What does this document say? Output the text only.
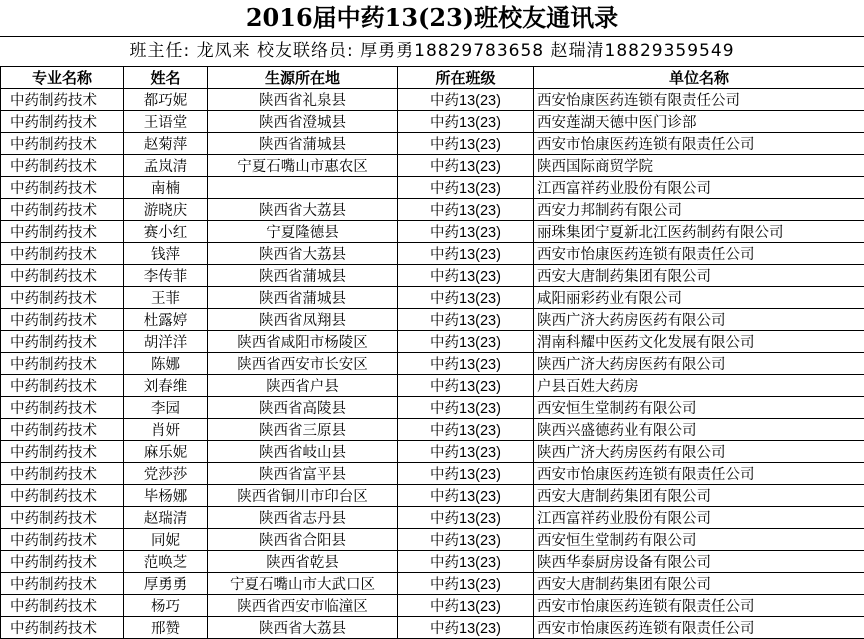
2016届中药13(23)班校友通讯录
班主任: 龙凤来 校友联络员: 厚勇勇18829783658 赵瑞清18829359549
专业名称	姓名	生源所在地	所在班级	单位名称
中药制药技术	都巧妮	陕西省礼泉县	中药13(23)	西安怡康医药连锁有限责任公司
中药制药技术	王语堂	陕西省澄城县	中药13(23)	西安莲湖天德中医门诊部
中药制药技术	赵菊萍	陕西省蒲城县	中药13(23)	西安市怡康医药连锁有限责任公司
中药制药技术	孟岚清	宁夏石嘴山市惠农区	中药13(23)	陕西国际商贸学院
中药制药技术	南楠		中药13(23)	江西富祥药业股份有限公司
中药制药技术	游晓庆	陕西省大荔县	中药13(23)	西安力邦制药有限公司
中药制药技术	赛小红	宁夏隆德县	中药13(23)	丽珠集团宁夏新北江医药制药有限公司
中药制药技术	钱萍	陕西省大荔县	中药13(23)	西安市怡康医药连锁有限责任公司
中药制药技术	李传菲	陕西省蒲城县	中药13(23)	西安大唐制药集团有限公司
中药制药技术	王菲	陕西省蒲城县	中药13(23)	咸阳丽彩药业有限公司
中药制药技术	杜露婷	陕西省凤翔县	中药13(23)	陕西广济大药房医药有限公司
中药制药技术	胡洋洋	陕西省咸阳市杨陵区	中药13(23)	渭南科耀中医药文化发展有限公司
中药制药技术	陈娜	陕西省西安市长安区	中药13(23)	陕西广济大药房医药有限公司
中药制药技术	刘春维	陕西省户县	中药13(23)	户县百姓大药房
中药制药技术	李园	陕西省高陵县	中药13(23)	西安恒生堂制药有限公司
中药制药技术	肖妍	陕西省三原县	中药13(23)	陕西兴盛德药业有限公司
中药制药技术	麻乐妮	陕西省岐山县	中药13(23)	陕西广济大药房医药有限公司
中药制药技术	党莎莎	陕西省富平县	中药13(23)	西安市怡康医药连锁有限责任公司
中药制药技术	毕杨娜	陕西省铜川市印台区	中药13(23)	西安大唐制药集团有限公司
中药制药技术	赵瑞清	陕西省志丹县	中药13(23)	江西富祥药业股份有限公司
中药制药技术	同妮	陕西省合阳县	中药13(23)	西安恒生堂制药有限公司
中药制药技术	范唤芝	陕西省乾县	中药13(23)	陕西华泰厨房设备有限公司
中药制药技术	厚勇勇	宁夏石嘴山市大武口区	中药13(23)	西安大唐制药集团有限公司
中药制药技术	杨巧	陕西省西安市临潼区	中药13(23)	西安市怡康医药连锁有限责任公司
中药制药技术	邢赞	陕西省大荔县	中药13(23)	西安市怡康医药连锁有限责任公司
